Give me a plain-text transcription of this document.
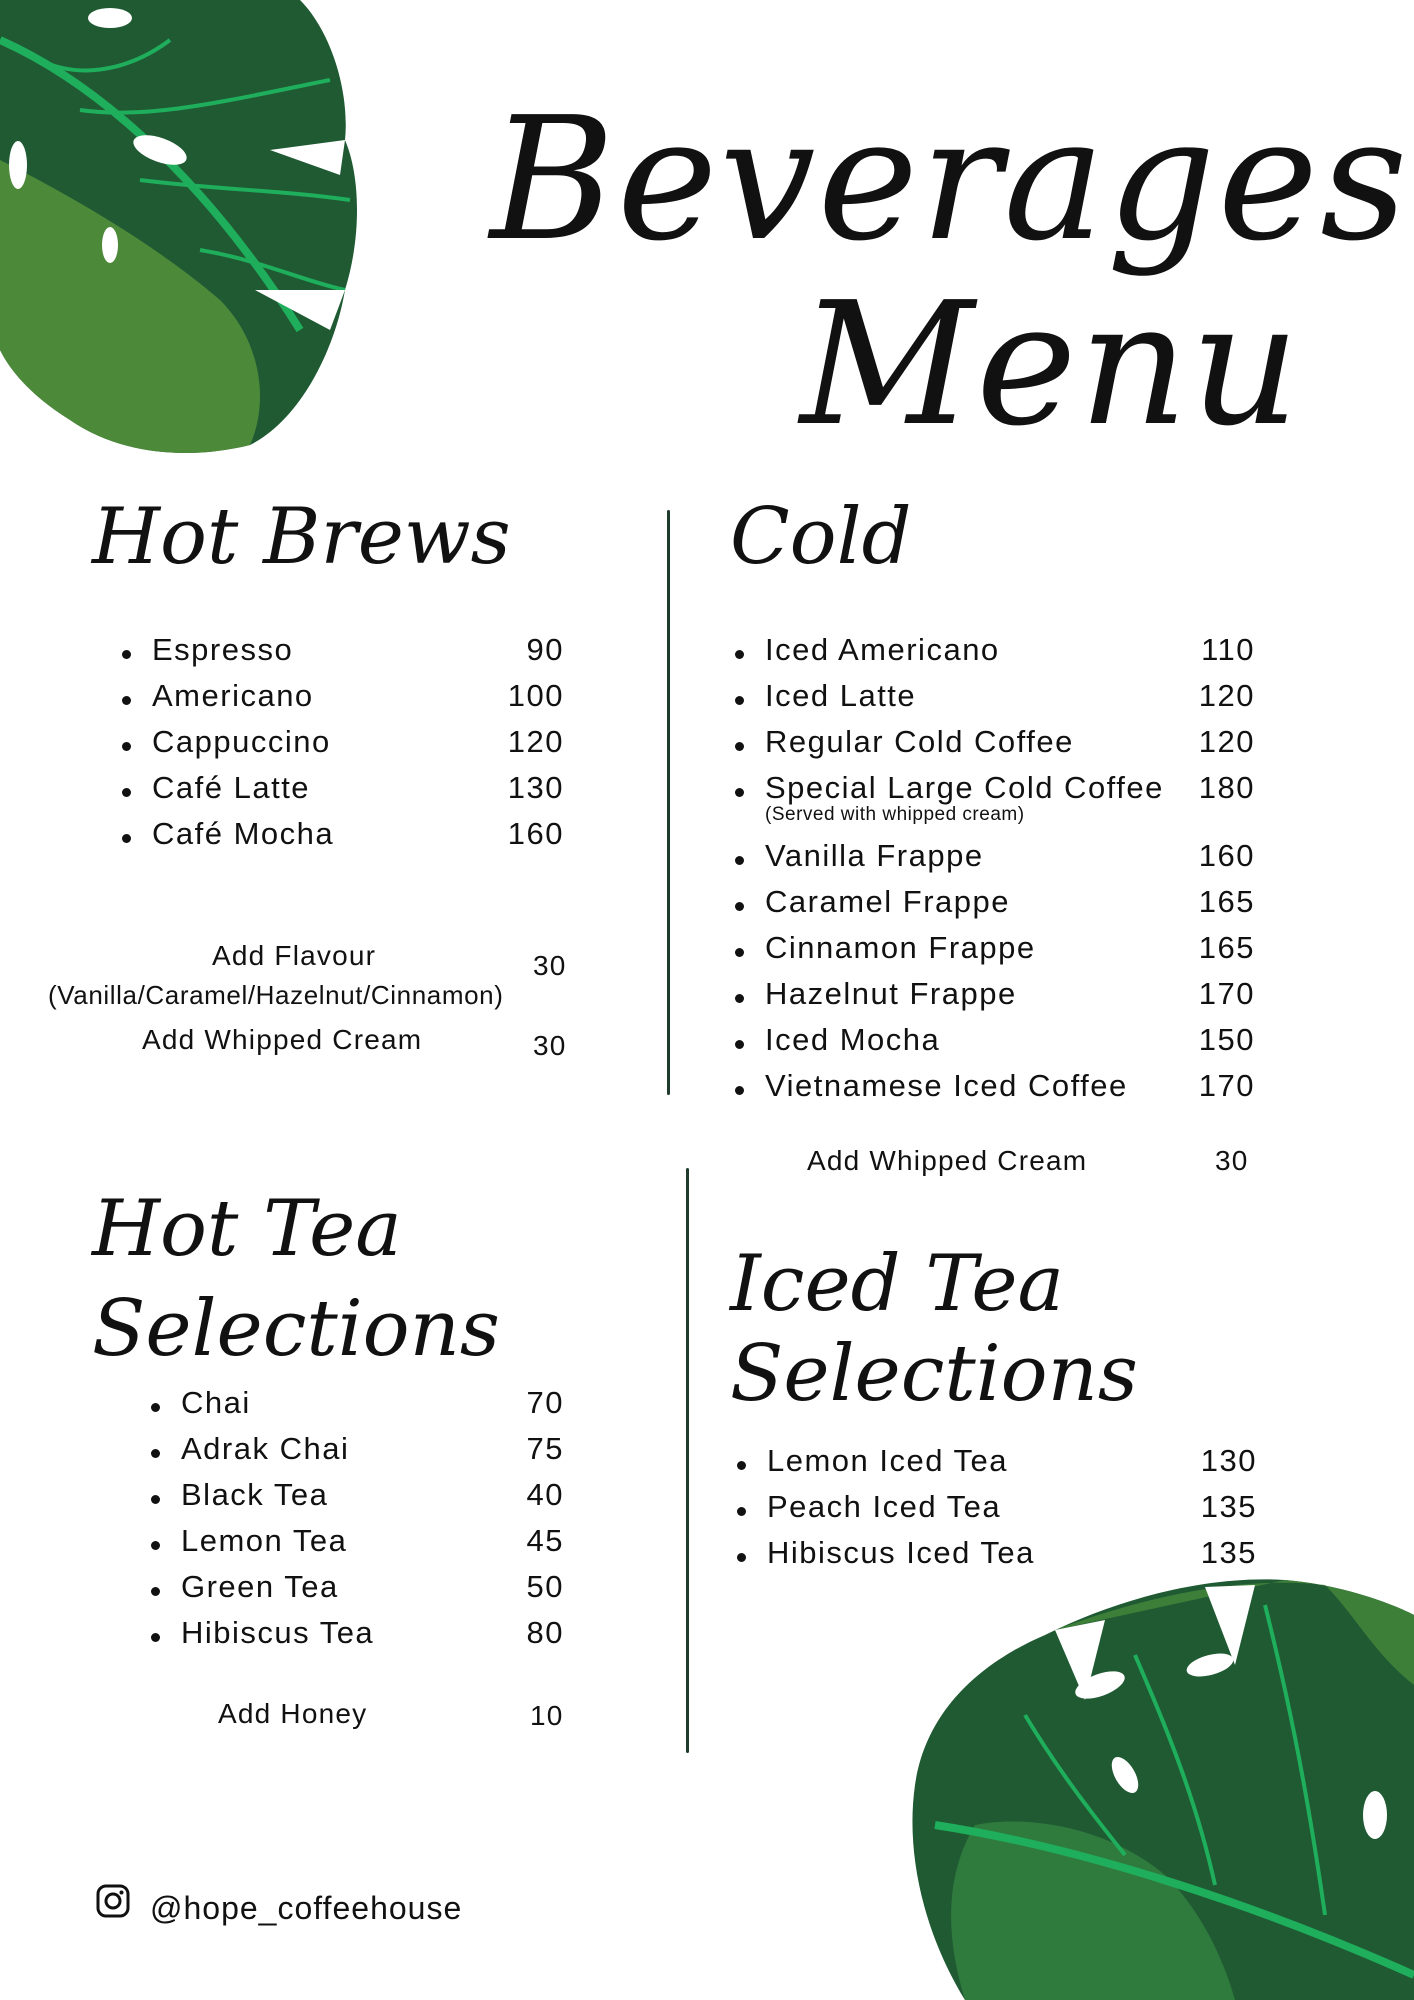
Beverages
Menu
Hot Brews
Espresso	90
Americano	100
Cappuccino	120
Café Latte	130
Café Mocha	160
Add Flavour	30
(Vanilla/Caramel/Hazelnut/Cinnamon)
Add Whipped Cream	30
Cold
Iced Americano	110
Iced Latte	120
Regular Cold Coffee	120
Special Large Cold Coffee 180
(Served with whipped cream)
Vanilla Frappe	160
Caramel Frappe	165
Cinnamon Frappe	165
Hazelnut Frappe	170
Iced Mocha	150
Vietnamese Iced Coffee 170
Add Whipped Cream	30
Hot Tea
Selections
Chai	70
Adrak Chai	75
Black Tea	40
Lemon Tea	45
Green Tea	50
Hibiscus Tea	80
Add Honey	10
Iced Tea
Selections
Lemon Iced Tea	130
Peach Iced Tea	135
Hibiscus Iced Tea	135
@hope_coffeehouse
